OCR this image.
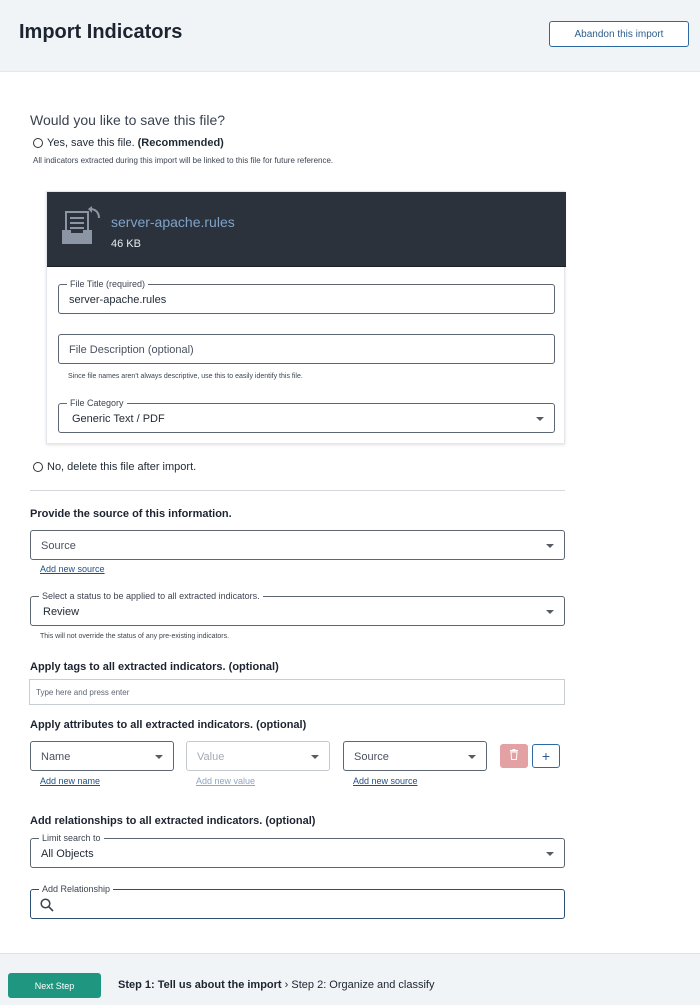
Import Indicators	Abandon this import
Would you like to save this file?
Yes, save this file. (Recommended)
All indicators extracted during this import will be linked to this file for future reference.
server-apache.rules
46 KB
File Title (required)
server-apache.rules
File Description (optional)
Since file names aren't always descriptive, use this to easily identify this file.
File Category
Generic Text / PDF
No, delete this file after import.
Provide the source of this information.
Source
Add new source
Select a status to be applied to all extracted indicators.
Review
This will not override the status of any pre-existing indicators.
Apply tags to all extracted indicators. (optional)
Type here and press enter
Apply attributes to all extracted indicators. (optional)
Name	Value	Source	+
Add new name	Add new value	Add new source
Add relationships to all extracted indicators. (optional)
Limit search to
All Objects
Add Relationship
Next Step	Step 1: Tell us about the import › Step 2: Organize and classify
